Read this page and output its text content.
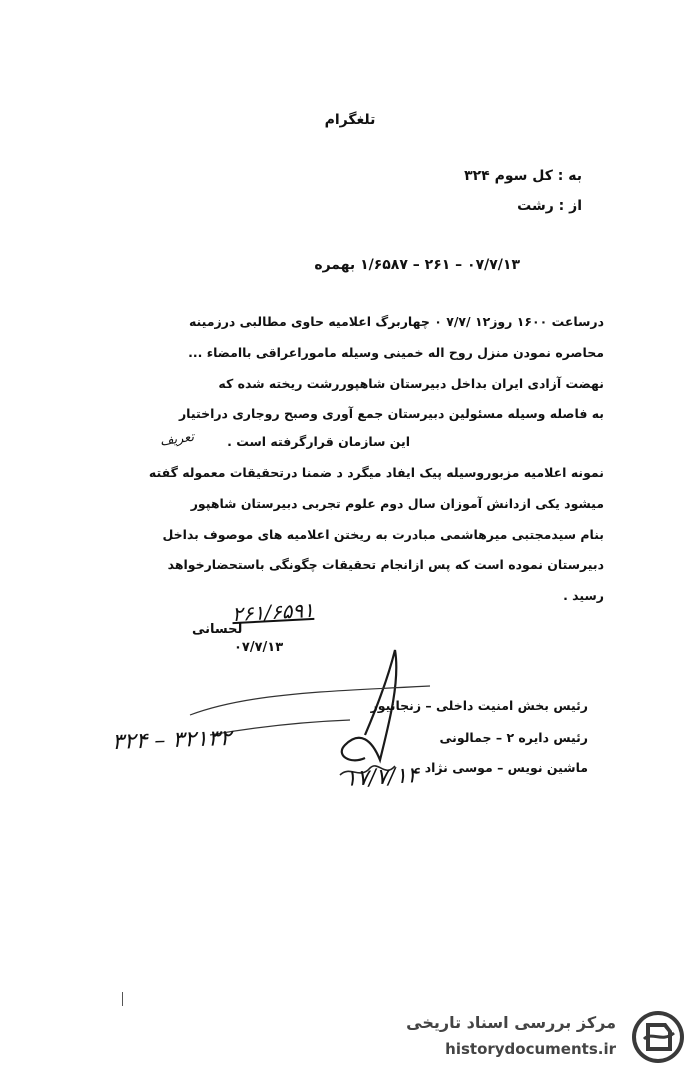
تلغگرام
به : کل سوم ۳۲۴
از : رشت
۰۷/۷/۱۳ – ۲۶۱ – ۱/۶۵۸۷ بهمره
درساعت ۱۶۰۰ روز۱۲ /۷/۷ ۰ چهاربرگ اعلامیه حاوی مطالبی درزمینه
محاصره نمودن منزل روح اله خمینی وسیله ماموراعراقی باامضاء ...
نهضت آزادی ایران بداخل دبیرستان شاهپوررشت ریخته شده که
به فاصله وسیله مسئولین دبیرستان جمع آوری وصبح روجاری دراختیار
این سازمان قرارگرفته است .
نمونه اعلامیه مزبوروسیله پیک ایفاد میگرد د ضمنا درتحقیقات معموله گفته
میشود یکی ازدانش آموزان سال دوم علوم تجربی دبیرستان شاهپور
بنام سیدمجتبی میرهاشمی مبادرت به ریختن اعلامیه های موصوف بداخل
دبیرستان نموده است که پس ازانجام تحقیقات چگونگی باستحضارخواهد
رسید .
تعریف
۲۶۱/۶۵۹۱
لحسانی
۰۷/۷/۱۳
رئیس بخش امنیت داخلی – زنجانیور
رئیس دایره ۲ – جمالونی
ماشین نویس – موسی نژاد
۳۲۴ – ۳۲۱۳۲
۱۷/۷/۱۴
مرکز بررسی اسناد تاریخی
historydocuments.ir
